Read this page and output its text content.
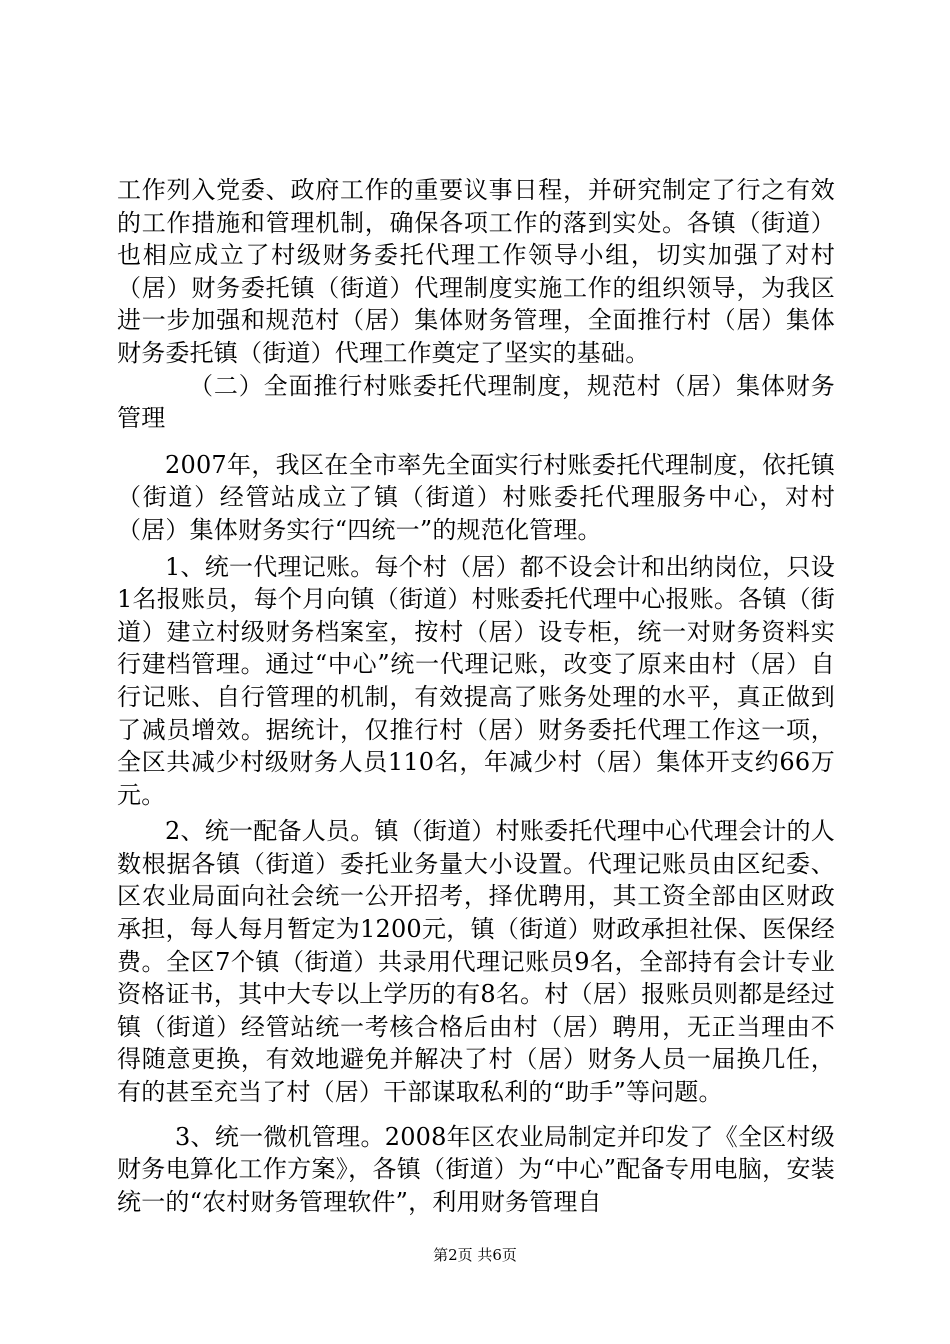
工作列入党委、政府工作的重要议事日程，并研究制定了行之有效的工作措施和管理机制，确保各项工作的落到实处。各镇（街道）也相应成立了村级财务委托代理工作领导小组，切实加强了对村（居）财务委托镇（街道）代理制度实施工作的组织领导，为我区进一步加强和规范村（居）集体财务管理，全面推行村（居）集体财务委托镇（街道）代理工作奠定了坚实的基础。

（二）全面推行村账委托代理制度，规范村（居）集体财务管理

2007年，我区在全市率先全面实行村账委托代理制度，依托镇（街道）经管站成立了镇（街道）村账委托代理服务中心，对村（居）集体财务实行“四统一”的规范化管理。

1、统一代理记账。每个村（居）都不设会计和出纳岗位，只设1名报账员，每个月向镇（街道）村账委托代理中心报账。各镇（街道）建立村级财务档案室，按村（居）设专柜，统一对财务资料实行建档管理。通过“中心”统一代理记账，改变了原来由村（居）自行记账、自行管理的机制，有效提高了账务处理的水平，真正做到了减员增效。据统计，仅推行村（居）财务委托代理工作这一项，全区共减少村级财务人员110名，年减少村（居）集体开支约66万元。

2、统一配备人员。镇（街道）村账委托代理中心代理会计的人数根据各镇（街道）委托业务量大小设置。代理记账员由区纪委、区农业局面向社会统一公开招考，择优聘用，其工资全部由区财政承担，每人每月暂定为1200元，镇（街道）财政承担社保、医保经费。全区7个镇（街道）共录用代理记账员9名，全部持有会计专业资格证书，其中大专以上学历的有8名。村（居）报账员则都是经过镇（街道）经管站统一考核合格后由村（居）聘用，无正当理由不得随意更换，有效地避免并解决了村（居）财务人员一届换几任，有的甚至充当了村（居）干部谋取私利的“助手”等问题。

3、统一微机管理。2008年区农业局制定并印发了《全区村级财务电算化工作方案》，各镇（街道）为“中心”配备专用电脑，安装统一的“农村财务管理软件”，利用财务管理自

第2页 共6页
